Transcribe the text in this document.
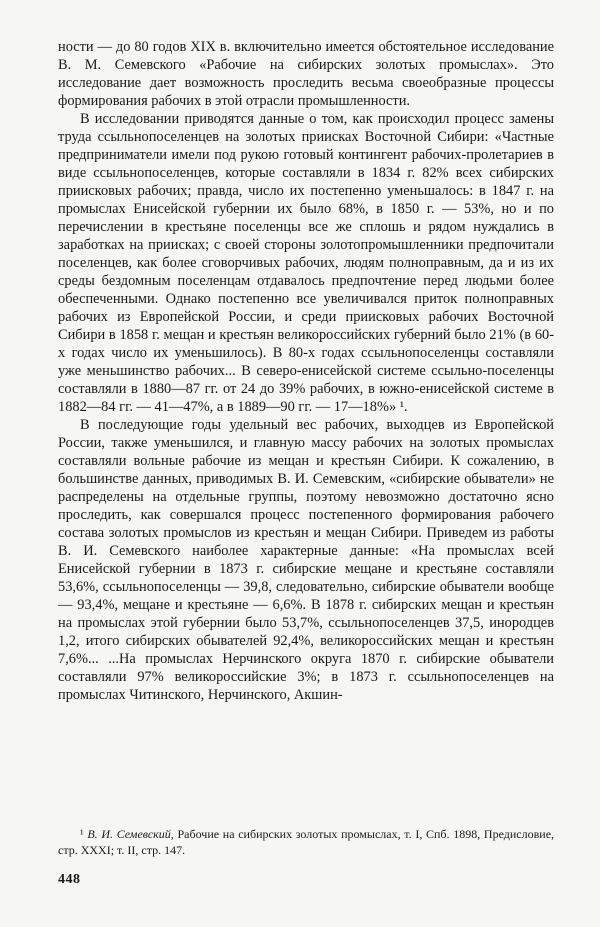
ности — до 80 годов XIX в. включительно имеется обстоятельное исследование В. М. Семевского «Рабочие на сибирских золотых промыслах». Это исследование дает возможность проследить весьма своеобразные процессы формирования рабочих в этой отрасли промышленности.

В исследовании приводятся данные о том, как происходил процесс замены труда ссыльнопоселенцев на золотых приисках Восточной Сибири: «Частные предприниматели имели под рукою готовый контингент рабочих-пролетариев в виде ссыльнопоселенцев, которые составляли в 1834 г. 82% всех сибирских приисковых рабочих; правда, число их постепенно уменьшалось: в 1847 г. на промыслах Енисейской губернии их было 68%, в 1850 г. — 53%, но и по перечислении в крестьяне поселенцы все же сплошь и рядом нуждались в заработках на приисках; с своей стороны золотопромышленники предпочитали поселенцев, как более сговорчивых рабочих, людям полноправным, да и из их среды бездомным поселенцам отдавалось предпочтение перед людьми более обеспеченными. Однако постепенно все увеличивался приток полноправных рабочих из Европейской России, и среди приисковых рабочих Восточной Сибири в 1858 г. мещан и крестьян великороссийских губерний было 21% (в 60-х годах число их уменьшилось). В 80-х годах ссыльнопоселенцы составляли уже меньшинство рабочих... В северо-енисейской системе ссыльно-поселенцы составляли в 1880—87 гг. от 24 до 39% рабочих, в южно-енисейской системе в 1882—84 гг. — 41—47%, а в 1889—90 гг. — 17—18%» ¹.

В последующие годы удельный вес рабочих, выходцев из Европейской России, также уменьшился, и главную массу рабочих на золотых промыслах составляли вольные рабочие из мещан и крестьян Сибири. К сожалению, в большинстве данных, приводимых В. И. Семевским, «сибирские обыватели» не распределены на отдельные группы, поэтому невозможно достаточно ясно проследить, как совершался процесс постепенного формирования рабочего состава золотых промыслов из крестьян и мещан Сибири. Приведем из работы В. И. Семевского наиболее характерные данные: «На промыслах всей Енисейской губернии в 1873 г. сибирские мещане и крестьяне составляли 53,6%, ссыльнопоселенцы — 39,8, следовательно, сибирские обыватели вообще — 93,4%, мещане и крестьяне — 6,6%. В 1878 г. сибирских мещан и крестьян на промыслах этой губернии было 53,7%, ссыльнопоселенцев 37,5, инородцев 1,2, итого сибирских обывателей 92,4%, великороссийских мещан и крестьян 7,6%... ...На промыслах Нерчинского округа 1870 г. сибирские обыватели составляли 97% великороссийские 3%; в 1873 г. ссыльнопоселенцев на промыслах Читинского, Нерчинского, Акшин-

¹ В. И. Семевский, Рабочие на сибирских золотых промыслах, т. I, Спб. 1898, Предисловие, стр. XXXI; т. II, стр. 147.

448
